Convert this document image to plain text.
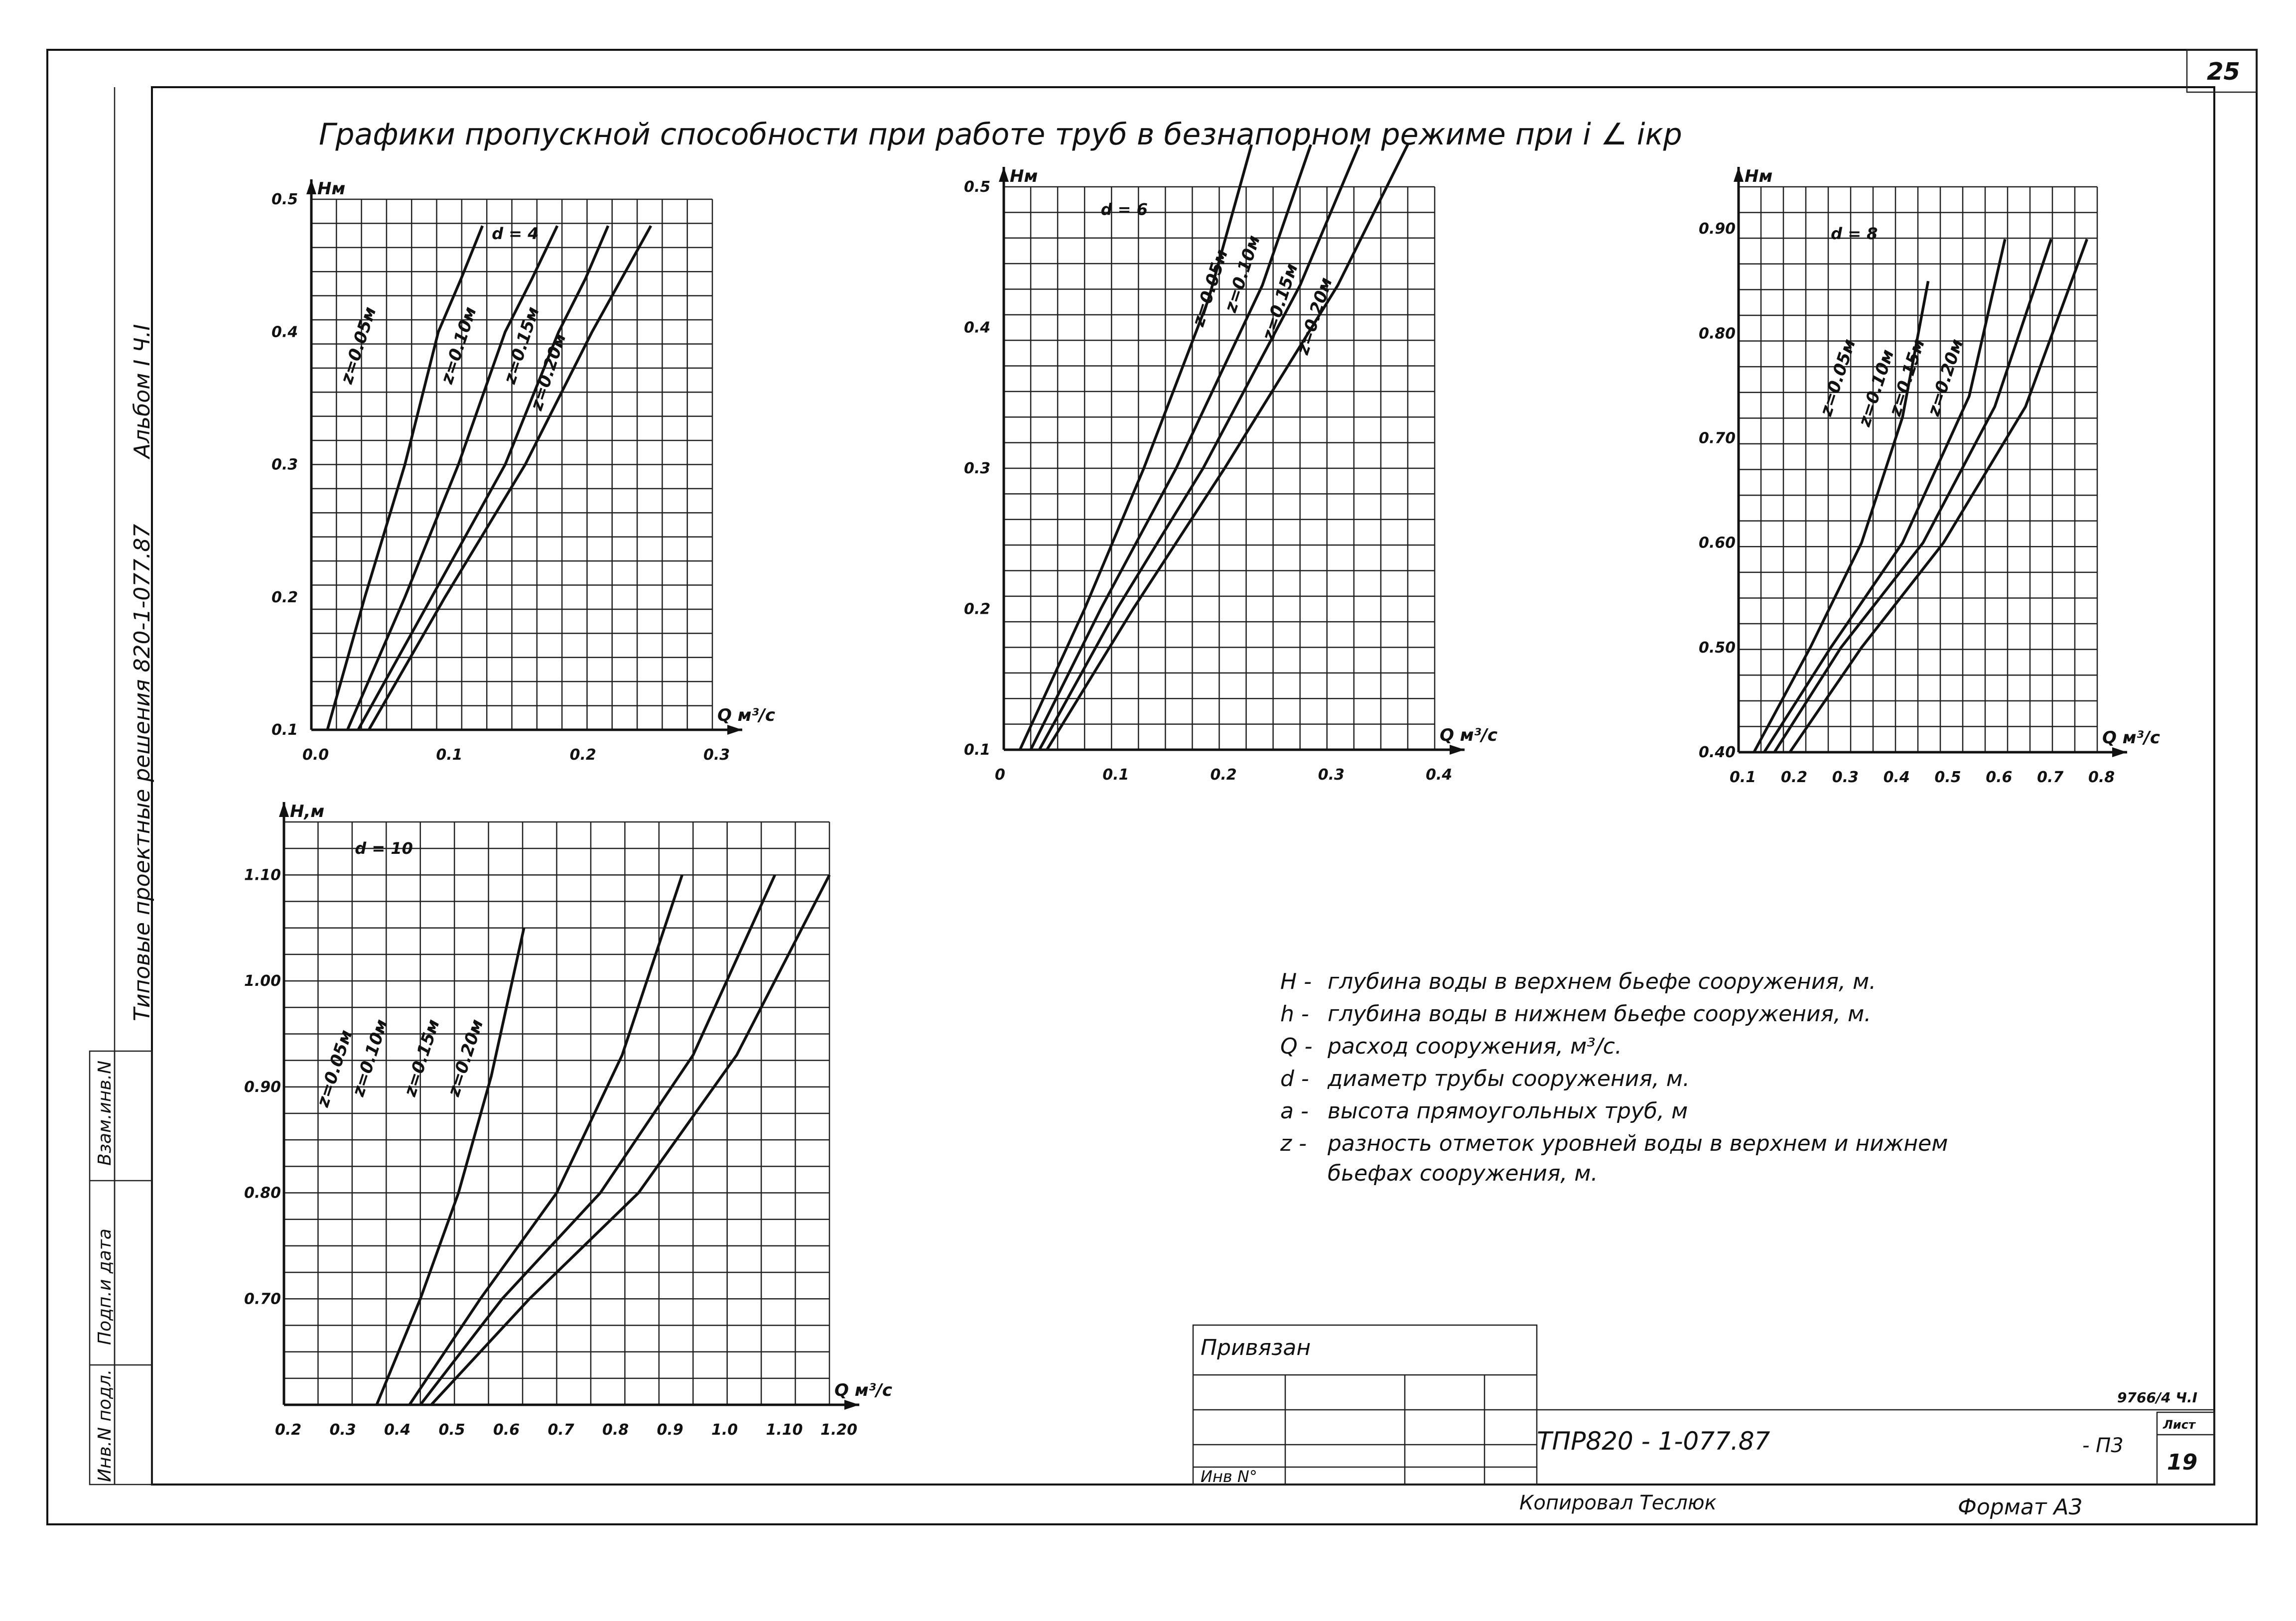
25
Альбом I Ч.I
Типовые проектные решения 820-1-077.87
Взам.инв.N
Подп.и дата
Инв.N подл.
Графики пропускной способности при работе труб в безнапорном режиме при i ∠ iкр
0.0	0.1	0.2	0.3
0.1
0.2
0.3
0.4
0.5
Нм
Q м³/с
d = 4
z=0.05м	z=0.10м z=0.15м
z=0.20м
0	0.1	0.2	0.3	0.4
0.1
0.2
0.3
0.4
0.5
Нм
Q м³/с
d = 6
z=0.05м
z=0.10м
z=0.15м
z=0.20м
0.1 0.2 0.3 0.4 0.5 0.6 0.7 0.8
0.40
0.50
0.60
0.70
0.80
0.90
Нм
Q м³/с
d = 8
z=0.05м
z=0.10м
z=0.15м
z=0.20м
0.2 0.3 0.4 0.5 0.6 0.7 0.8 0.9 1.0 1.10 1.20
0.70
0.80
0.90
1.00
1.10
Н,м
Q м³/с
d = 10
z=0.05м
z=0.10м z=0.15м z=0.20м
H - глубина воды в верхнем бьефе сооружения, м.
h - глубина воды в нижнем бьефе сооружения, м.
Q - расход сооружения, м³/с.
d - диаметр трубы сооружения, м.
a - высота прямоугольных труб, м
z - разность отметок уровней воды в верхнем и нижнем
бьефах сооружения, м.
Привязан
Инв N°
ТПР820 - 1-077.87	- П3
9766/4 Ч.I
Лист
19
Копировал Теслюк	Формат А3
